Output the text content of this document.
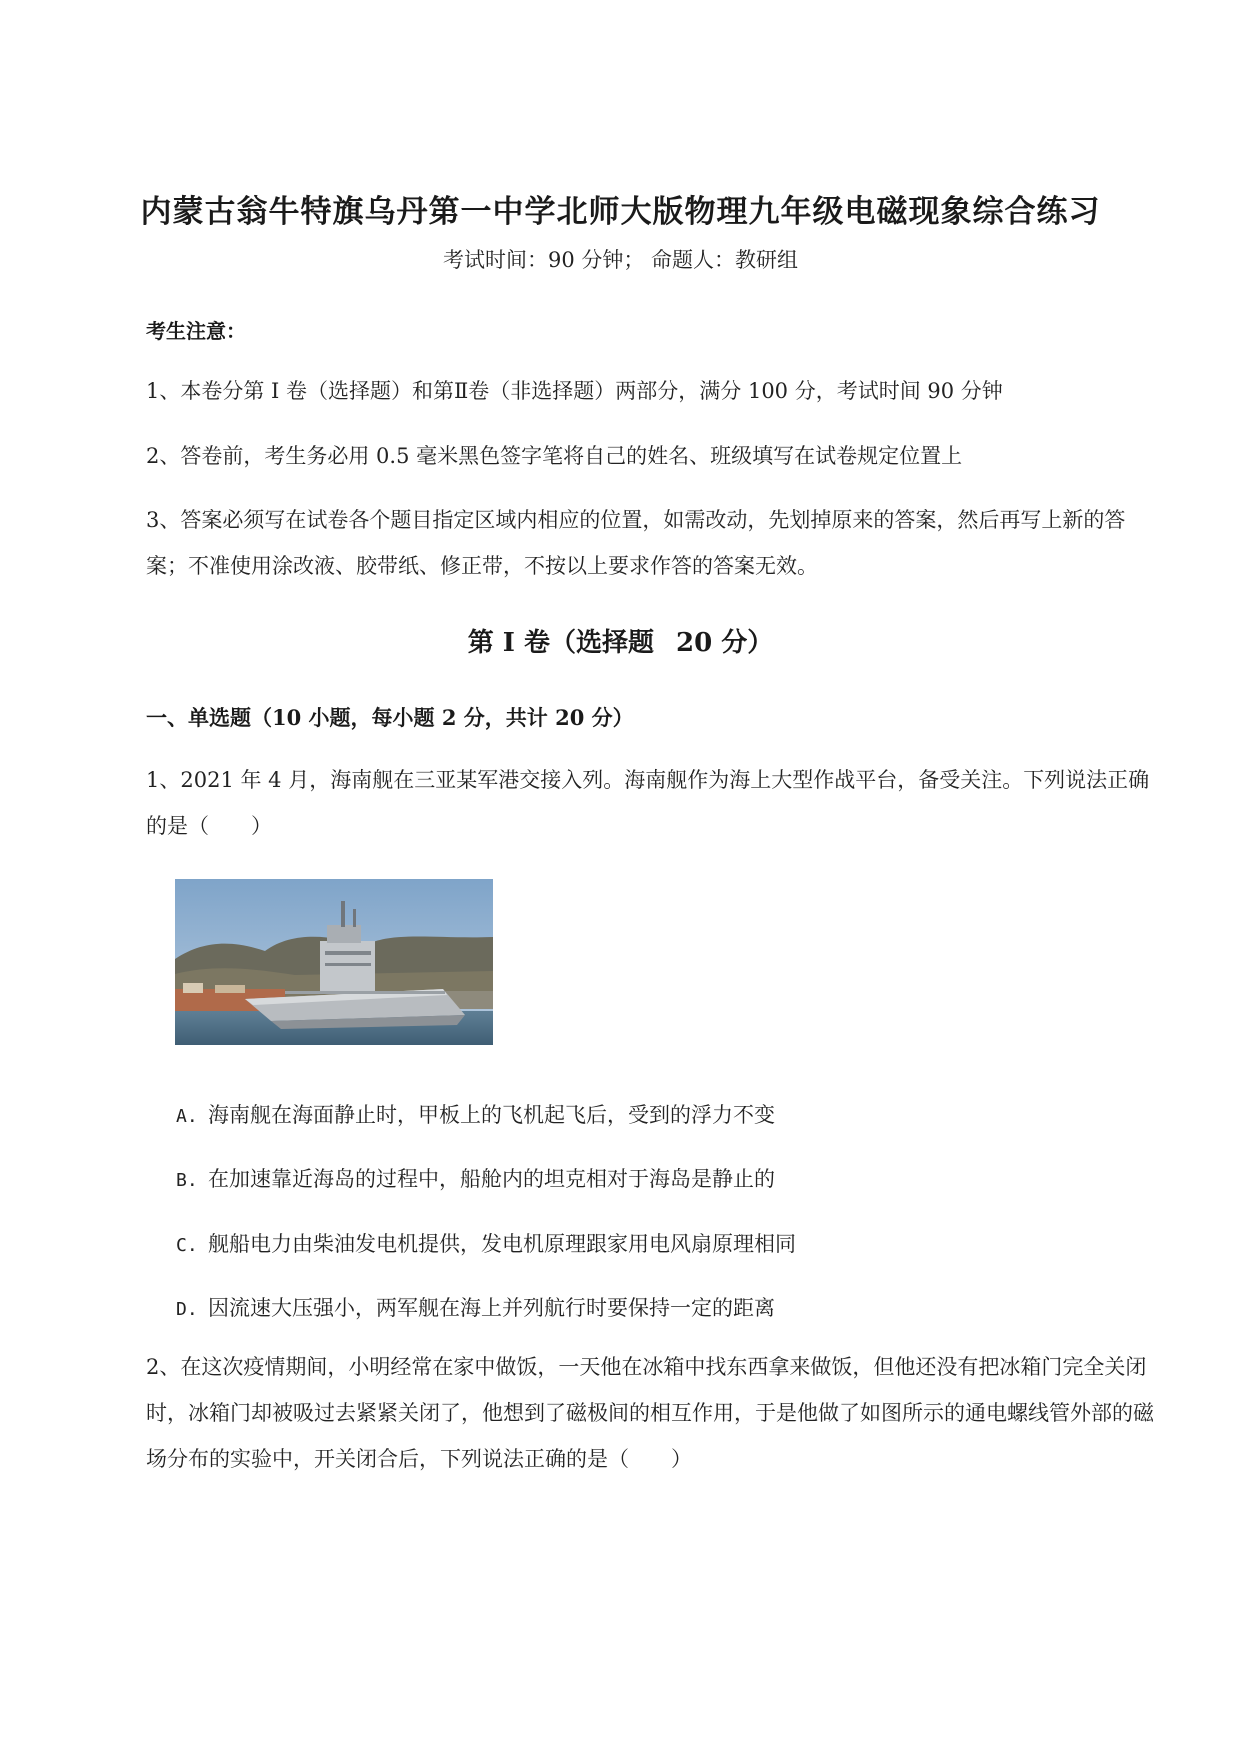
内蒙古翁牛特旗乌丹第一中学北师大版物理九年级电磁现象综合练习
考试时间：90 分钟； 命题人：教研组
考生注意：
1、本卷分第 I 卷（选择题）和第Ⅱ卷（非选择题）两部分，满分 100 分，考试时间 90 分钟
2、答卷前，考生务必用 0.5 毫米黑色签字笔将自己的姓名、班级填写在试卷规定位置上
3、答案必须写在试卷各个题目指定区域内相应的位置，如需改动，先划掉原来的答案，然后再写上新的答案；不准使用涂改液、胶带纸、修正带，不按以上要求作答的答案无效。
第 I 卷（选择题 20 分）
一、单选题（10 小题，每小题 2 分，共计 20 分）
1、2021 年 4 月，海南舰在三亚某军港交接入列。海南舰作为海上大型作战平台，备受关注。下列说法正确的是（　　）
A. 海南舰在海面静止时，甲板上的飞机起飞后，受到的浮力不变
B. 在加速靠近海岛的过程中，船舱内的坦克相对于海岛是静止的
C. 舰船电力由柴油发电机提供，发电机原理跟家用电风扇原理相同
D. 因流速大压强小，两军舰在海上并列航行时要保持一定的距离
2、在这次疫情期间，小明经常在家中做饭，一天他在冰箱中找东西拿来做饭，但他还没有把冰箱门完全关闭时，冰箱门却被吸过去紧紧关闭了，他想到了磁极间的相互作用，于是他做了如图所示的通电螺线管外部的磁场分布的实验中，开关闭合后，下列说法正确的是（　　）
